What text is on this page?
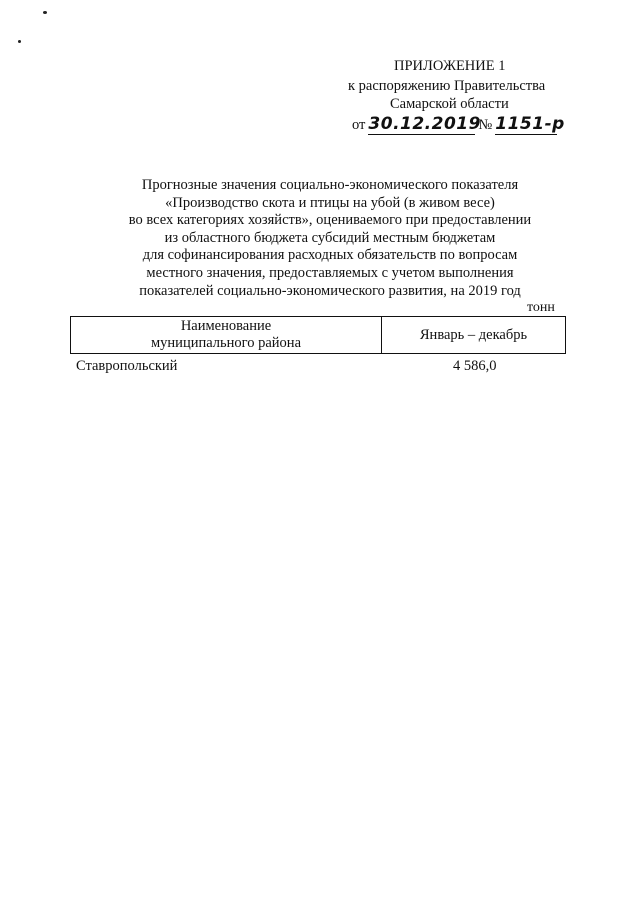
ПРИЛОЖЕНИЕ 1
к распоряжению Правительства
Самарской области
от 30.12.2019№ 1151-р
Прогнозные значения социально-экономического показателя
«Производство скота и птицы на убой (в живом весе)
во всех категориях хозяйств», оцениваемого при предоставлении
из областного бюджета субсидий местным бюджетам
для софинансирования расходных обязательств по вопросам
местного значения, предоставляемых с учетом выполнения
показателей социально-экономического развития, на 2019 год
тонн
Наименование
муниципального района
	Январь – декабрь
Ставропольский	4 586,0
